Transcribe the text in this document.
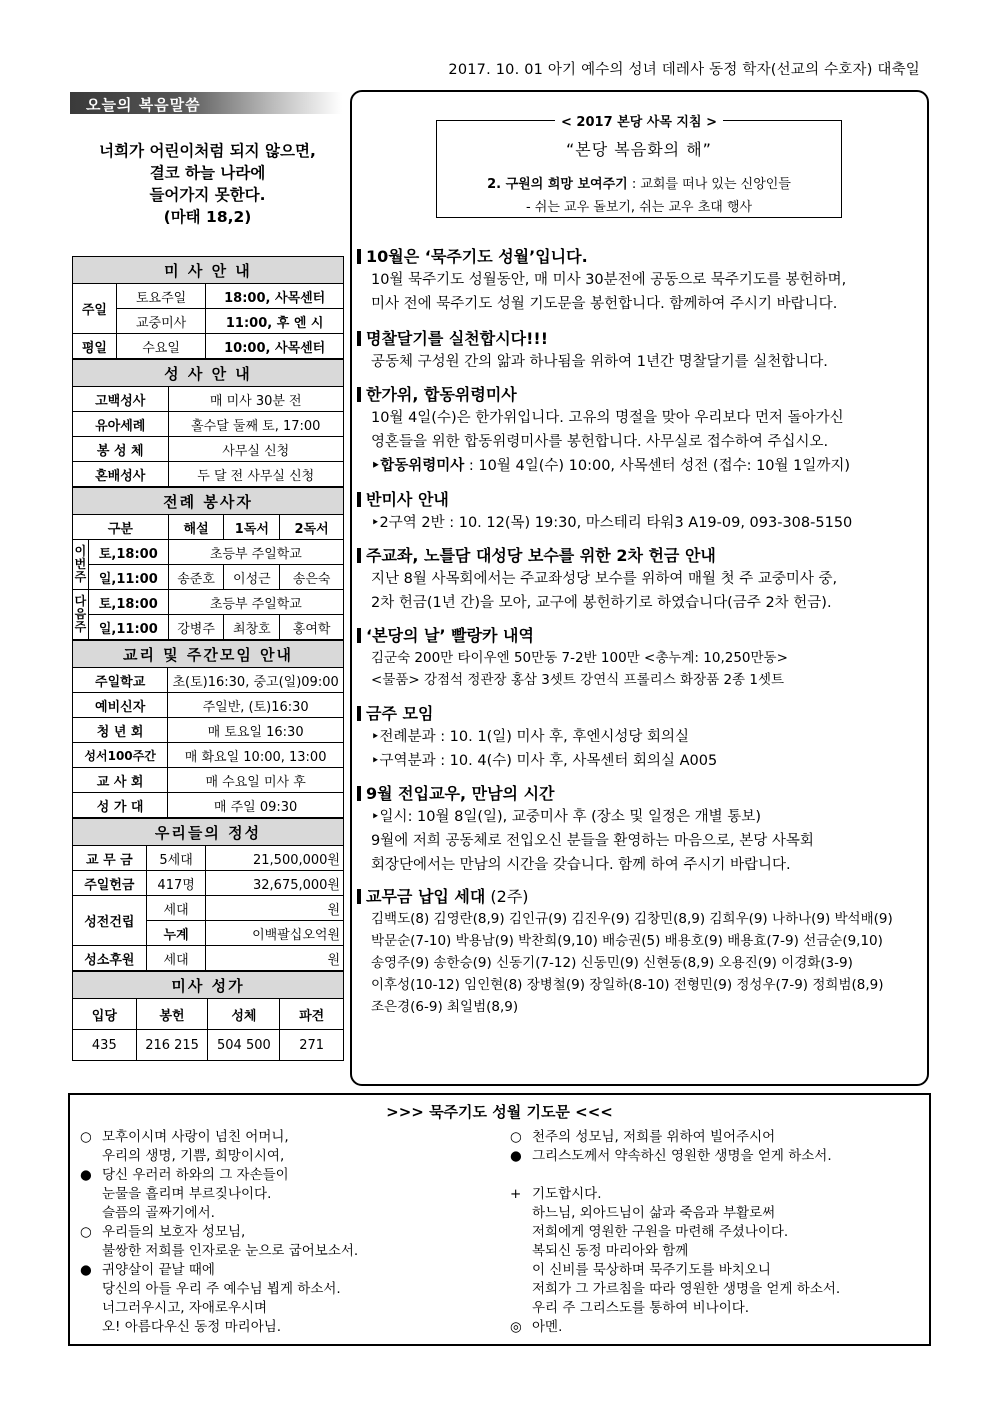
2017. 10. 01 아기 예수의 성녀 데레사 동정 학자(선교의 수호자) 대축일
오늘의 복음말씀
너희가 어린이처럼 되지 않으면,
결코 하늘 나라에
들어가지 못한다.
(마태 18,2)
미 사 안 내		
주일	토요주일	18:00, 사목센터
	교중미사	11:00, 후 엔 시
평일	수요일	10:00, 사목센터
성 사 안 내	
고백성사	매 미사 30분 전
유아세례	홀수달 둘째 토, 17:00
봉 성 체	사무실 신청
혼배성사	두 달 전 사무실 신청
전례 봉사자				
구분		해설	1독서	2독서
이번주	토,18:00	초등부 주일학교		
	일,11:00	송준호	이성근	송은숙
다음주	토,18:00	초등부 주일학교		
	일,11:00	강병주	최창호	홍여학
교리 및 주간모임 안내	
주일학교	초(토)16:30, 중고(일)09:00
예비신자	주일반, (토)16:30
청 년 회	매 토요일 16:30
성서100주간	매 화요일 10:00, 13:00
교 사 회	매 수요일 미사 후
성 가 대	매 주일 09:30
우리들의 정성		
교 무 금	5세대	21,500,000원
주일헌금	417명	32,675,000원
성전건립	세대	원
	누계	이백팔십오억원
성소후원	세대	원
미사 성가			
입당	봉헌	성체	파견
435	216 215	504 500	271
< 2017 본당 사목 지침 >
“본당 복음화의 해”
2. 구원의 희망 보여주기 : 교회를 떠나 있는 신앙인들
- 쉬는 교우 돌보기, 쉬는 교우 초대 행사
10월은 ‘묵주기도 성월’입니다.
10월 묵주기도 성월동안, 매 미사 30분전에 공동으로 묵주기도를 봉헌하며,
미사 전에 묵주기도 성월 기도문을 봉헌합니다. 함께하여 주시기 바랍니다.
명찰달기를 실천합시다!!!
공동체 구성원 간의 앎과 하나됨을 위하여 1년간 명찰달기를 실천합니다.
한가위, 합동위령미사
10월 4일(수)은 한가위입니다. 고유의 명절을 맞아 우리보다 먼저 돌아가신
영혼들을 위한 합동위령미사를 봉헌합니다. 사무실로 접수하여 주십시오.
‣합동위령미사 : 10월 4일(수) 10:00, 사목센터 성전 (접수: 10월 1일까지)
반미사 안내
‣2구역 2반 : 10. 12(목) 19:30, 마스테리 타워3 A19-09, 093-308-5150
주교좌, 노틀담 대성당 보수를 위한 2차 헌금 안내
지난 8월 사목회에서는 주교좌성당 보수를 위하여 매월 첫 주 교중미사 중,
2차 헌금(1년 간)을 모아, 교구에 봉헌하기로 하였습니다(금주 2차 헌금).
‘본당의 날’ 빨랑카 내역
김군숙 200만 타이우엔 50만동 7-2반 100만 <총누계: 10,250만동>
<물품> 강점석 정관장 홍삼 3셋트 강연식 프롤리스 화장품 2종 1셋트
금주 모임
‣전례분과 : 10. 1(일) 미사 후, 후엔시성당 회의실
‣구역분과 : 10. 4(수) 미사 후, 사목센터 회의실 A005
9월 전입교우, 만남의 시간
‣일시: 10월 8일(일), 교중미사 후 (장소 및 일정은 개별 통보)
9월에 저희 공동체로 전입오신 분들을 환영하는 마음으로, 본당 사목회
회장단에서는 만남의 시간을 갖습니다. 함께 하여 주시기 바랍니다.
교무금 납입 세대 (2주)
김백도(8) 김영란(8,9) 김인규(9) 김진우(9) 김창민(8,9) 김희우(9) 나하나(9) 박석배(9)
박문순(7-10) 박용남(9) 박찬희(9,10) 배승권(5) 배용호(9) 배용효(7-9) 선금순(9,10)
송영주(9) 송한승(9) 신동기(7-12) 신동민(9) 신현동(8,9) 오용진(9) 이경화(3-9)
이후성(10-12) 임인현(8) 장병철(9) 장일하(8-10) 전형민(9) 정성우(7-9) 정희범(8,9)
조은경(6-9) 최일범(8,9)
>>> 묵주기도 성월 기도문 <<<
○ 모후이시며 사랑이 넘친 어머니,
우리의 생명, 기쁨, 희망이시여,
● 당신 우러러 하와의 그 자손들이
눈물을 흘리며 부르짖나이다.
슬픔의 골짜기에서.
○ 우리들의 보호자 성모님,
불쌍한 저희를 인자로운 눈으로 굽어보소서.
● 귀양살이 끝날 때에
당신의 아들 우리 주 예수님 뵙게 하소서.
너그러우시고, 자애로우시며
오! 아름다우신 동정 마리아님.
○ 천주의 성모님, 저희를 위하여 빌어주시어
● 그리스도께서 약속하신 영원한 생명을 얻게 하소서.
+ 기도합시다.
하느님, 외아드님이 삶과 죽음과 부활로써
저희에게 영원한 구원을 마련해 주셨나이다.
복되신 동정 마리아와 함께
이 신비를 묵상하며 묵주기도를 바치오니
저희가 그 가르침을 따라 영원한 생명을 얻게 하소서.
우리 주 그리스도를 통하여 비나이다.
◎ 아멘.
